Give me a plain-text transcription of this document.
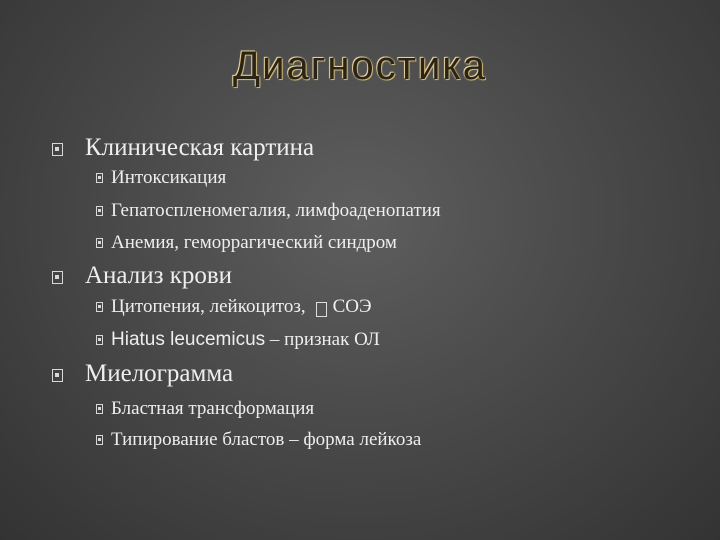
Диагностика
Клиническая картина
Интоксикация
Гепатоспленомегалия, лимфоаденопатия
Анемия, геморрагический синдром
Анализ крови
Цитопения, лейкоцитоз, СОЭ
Hiatus leucemicus – признак ОЛ
Миелограмма
Бластная трансформация
Типирование бластов – форма лейкоза
